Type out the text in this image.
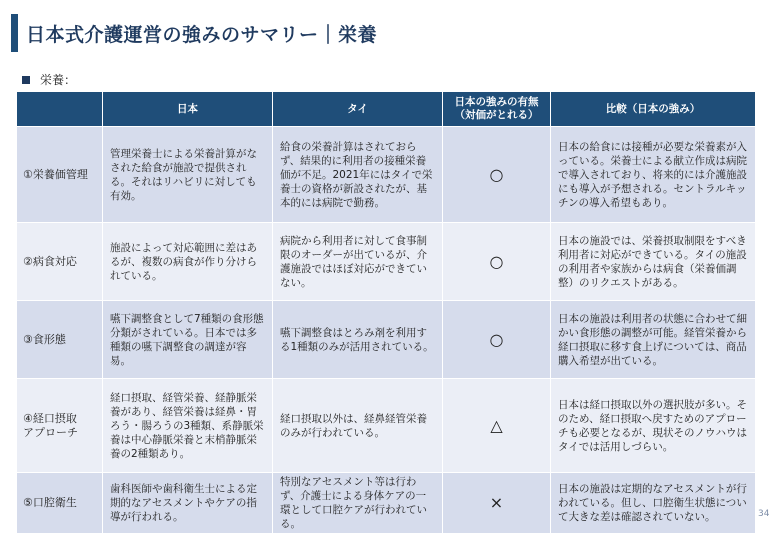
日本式介護運営の強みのサマリー｜栄養
栄養：
	日本	タイ	日本の強みの有無
（対価がとれる）	比較（日本の強み）
①栄養価管理	管理栄養士による栄養計算がなされた給食が施設で提供される。それはリハビリに対しても有効。	給食の栄養計算はされておらず、結果的に利用者の接種栄養価が不足。2021年にはタイで栄養士の資格が新設されたが、基本的には病院で勤務。	○	日本の給食には接種が必要な栄養素が入っている。栄養士による献立作成は病院で導入されており、将来的には介護施設にも導入が予想される。セントラルキッチンの導入希望もあり。
②病食対応	施設によって対応範囲に差はあるが、複数の病食が作り分けられている。	病院から利用者に対して食事制限のオーダーが出ているが、介護施設ではほぼ対応ができていない。	○	日本の施設では、栄養摂取制限をすべき利用者に対応ができている。タイの施設の利用者や家族からは病食（栄養価調整）のリクエストがある。
③食形態	嚥下調整食として7種類の食形態分類がされている。日本では多種類の嚥下調整食の調達が容易。	嚥下調整食はとろみ剤を利用する1種類のみが活用されている。	○	日本の施設は利用者の状態に合わせて細かい食形態の調整が可能。経管栄養から経口摂取に移す食上げについては、商品購入希望が出ている。
④経口摂取
アプローチ	経口摂取、経管栄養、経静脈栄養があり、経管栄養は経鼻・胃ろう・腸ろうの3種類、系静脈栄養は中心静脈栄養と末梢静脈栄養の2種類あり。	経口摂取以外は、経鼻経管栄養のみが行われている。	△	日本は経口摂取以外の選択肢が多い。そのため、経口摂取へ戻すためのアプローチも必要となるが、現状そのノウハウはタイでは活用しづらい。
⑤口腔衛生	歯科医師や歯科衛生士による定期的なアセスメントやケアの指導が行われる。	特別なアセスメント等は行わず、介護士による身体ケアの一環として口腔ケアが行われている。	×	日本の施設は定期的なアセスメントが行われている。但し、口腔衛生状態について大きな差は確認されていない。	34
